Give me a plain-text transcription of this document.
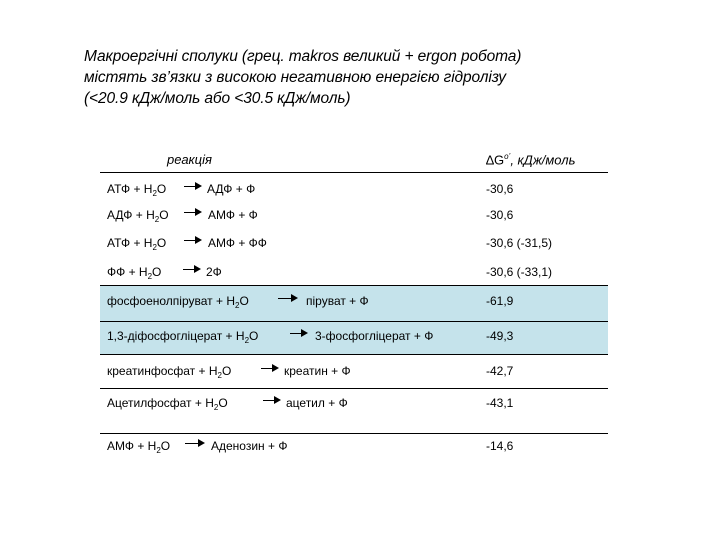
Макроергічні сполуки (грец. makros великий + ergon робота)
містять зв’язки з високою негативною енергією гідролізу
(<20.9 кДж/моль або <30.5 кДж/моль)
реакція	$\Delta G^{o’}$, кДж/моль
АТФ + $H_2O$	АДФ + Ф	-30,6
АДФ + $H_2O$	АМФ + Ф	-30,6
АТФ + $H_2O$	АМФ + ФФ	-30,6 (-31,5)
ФФ + $H_2O$	2Ф	-30,6 (-33,1)
фосфоенолпіруват + $H_2O$ → піруват + Ф	-61,9
1,3-діфосфогліцерат + $H_2O$	3-фосфогліцерат + Ф	-49,3
креатинфосфат + $H_2O$	креатин + Ф	-42,7
Ацетилфосфат + $H_2O$	ацетил + Ф	-43,1
АМФ + $H_2O$ → Аденозин + Ф	-14,6
